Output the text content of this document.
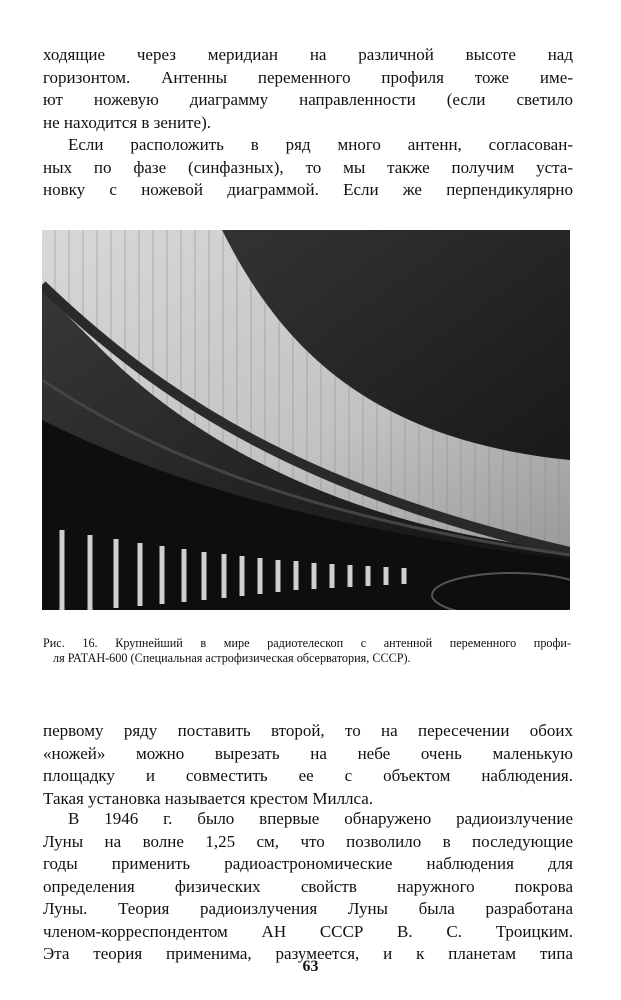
ходящие через меридиан на различной высоте над
горизонтом. Антенны переменного профиля тоже име-
ют ножевую диаграмму направленности (если светило
не находится в зените).
Если расположить в ряд много антенн, согласован-
ных по фазе (синфазных), то мы также получим уста-
новку с ножевой диаграммой. Если же перпендикулярно
Рис. 16. Крупнейший в мире радиотелескоп с антенной переменного профи-
ля РАТАН-600 (Специальная астрофизическая обсерватория, СССР).
первому ряду поставить второй, то на пересечении обоих
«ножей» можно вырезать на небе очень маленькую
площадку и совместить ее с объектом наблюдения.
Такая установка называется крестом Миллса.
В 1946 г. было впервые обнаружено радиоизлучение
Луны на волне 1,25 см, что позволило в последующие
годы применить радиоастрономические наблюдения для
определения физических свойств наружного покрова
Луны. Теория радиоизлучения Луны была разработана
членом-корреспондентом АН СССР В. С. Троицким.
Эта теория применима, разумеется, и к планетам типа
63
